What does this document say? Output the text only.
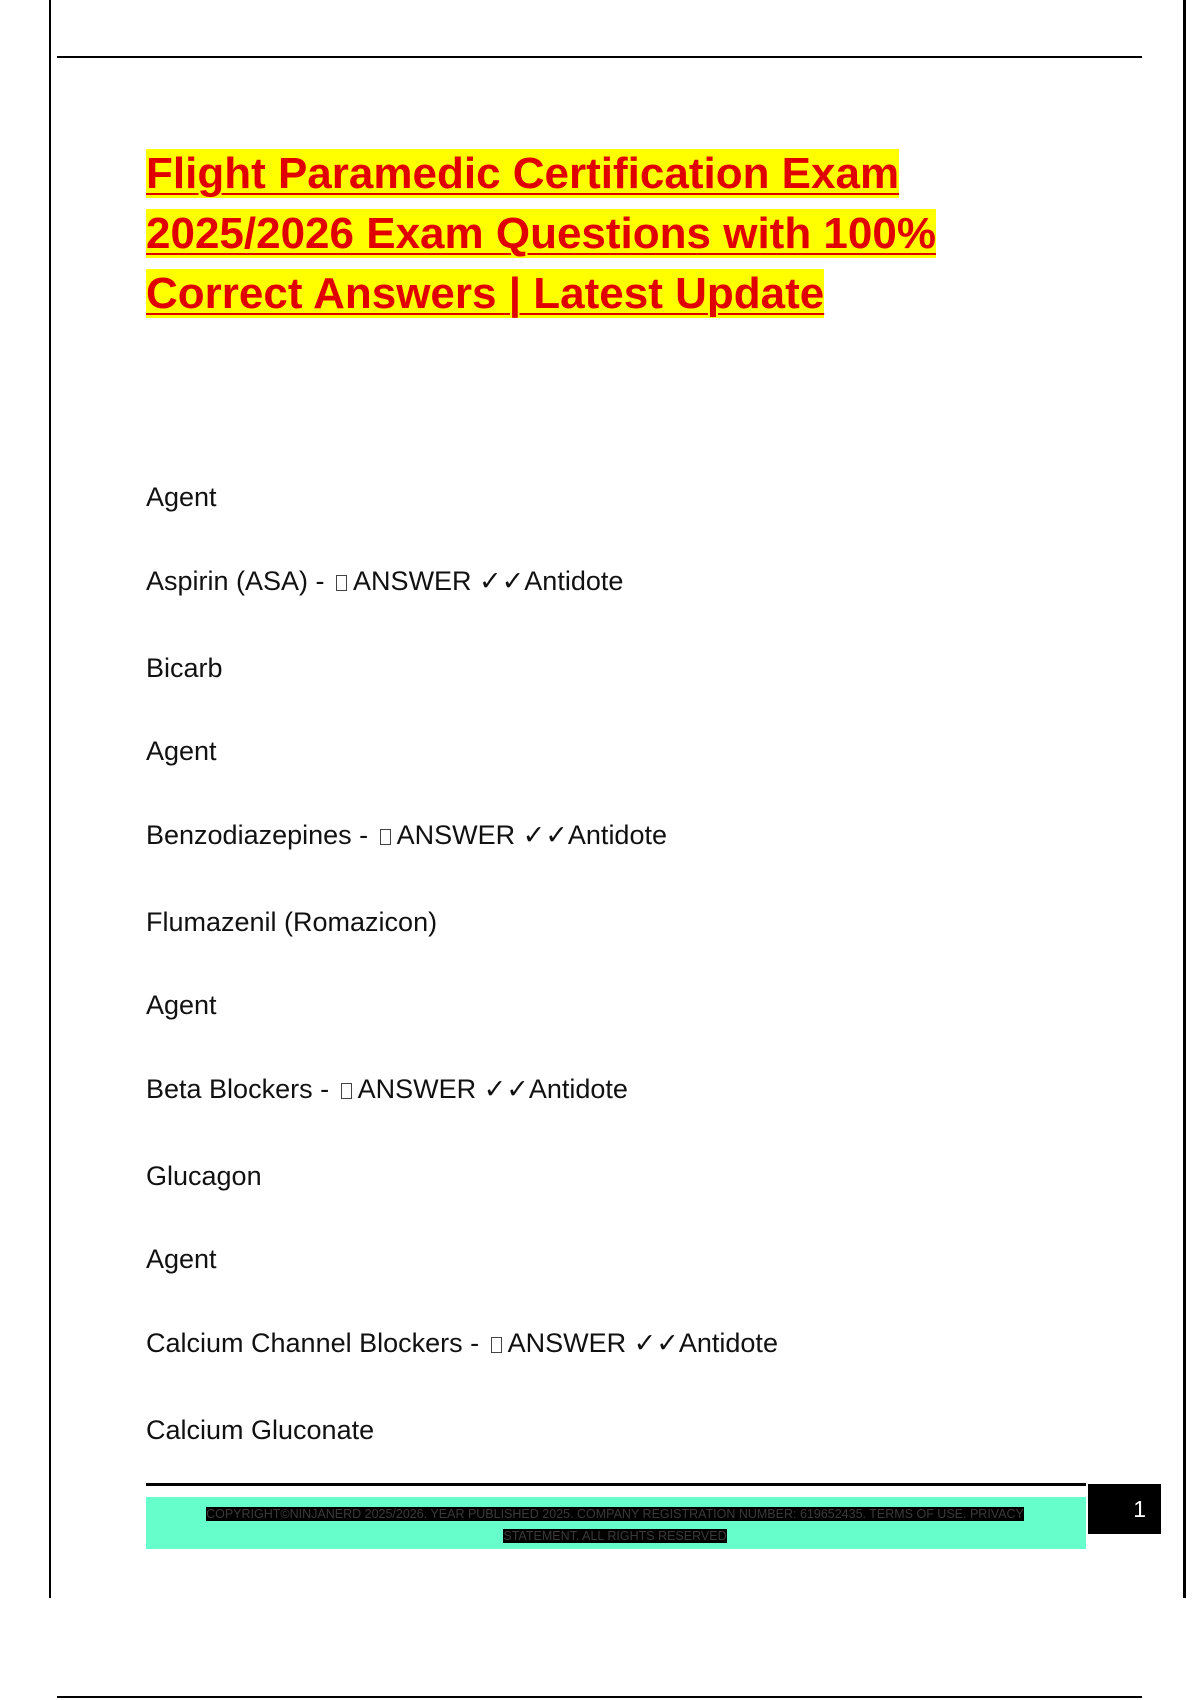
Flight Paramedic Certification Exam
2025/2026 Exam Questions with 100%
Correct Answers | Latest Update
Agent
Aspirin (ASA) - ANSWER ✓✓Antidote
Bicarb
Agent
Benzodiazepines - ANSWER ✓✓Antidote
Flumazenil (Romazicon)
Agent
Beta Blockers - ANSWER ✓✓Antidote
Glucagon
Agent
Calcium Channel Blockers - ANSWER ✓✓Antidote
Calcium Gluconate
COPYRIGHT©NINJANERD 2025/2026. YEAR PUBLISHED 2025. COMPANY REGISTRATION NUMBER: 619652435. TERMS OF USE. PRIVACY
STATEMENT. ALL RIGHTS RESERVED
1
